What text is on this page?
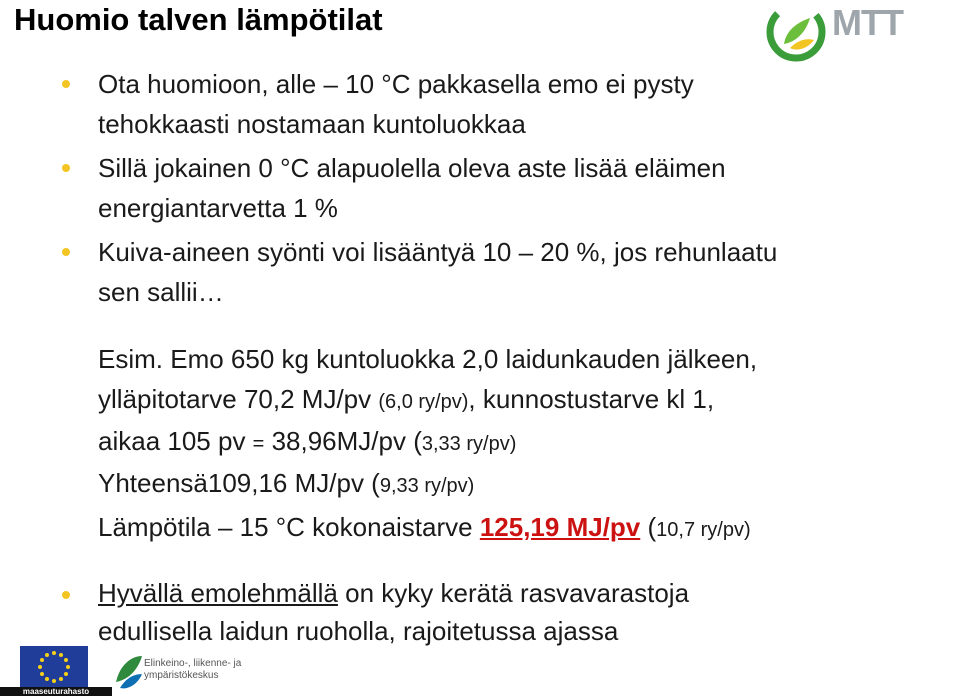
Huomio talven lämpötilat	MTT
Ota huomioon, alle – 10 °C pakkasella emo ei pysty
tehokkaasti nostamaan kuntoluokkaa
Sillä jokainen 0 °C alapuolella oleva aste lisää eläimen
energiantarvetta 1 %
Kuiva-aineen syönti voi lisääntyä 10 – 20 %, jos rehunlaatu
sen sallii…
Esim. Emo 650 kg kuntoluokka 2,0 laidunkauden jälkeen,
ylläpitotarve 70,2 MJ/pv (6,0 ry/pv), kunnostustarve kl 1,
aikaa 105 pv = 38,96MJ/pv (3,33 ry/pv)
Yhteensä109,16 MJ/pv (9,33 ry/pv)
Lämpötila – 15 °C kokonaistarve 125,19 MJ/pv (10,7 ry/pv)
Hyvällä emolehmällä on kyky kerätä rasvavarastoja
edullisella laidun ruoholla, rajoitetussa ajassa
maaseuturahasto
Elinkeino-, liikenne- ja
ympäristökeskus
